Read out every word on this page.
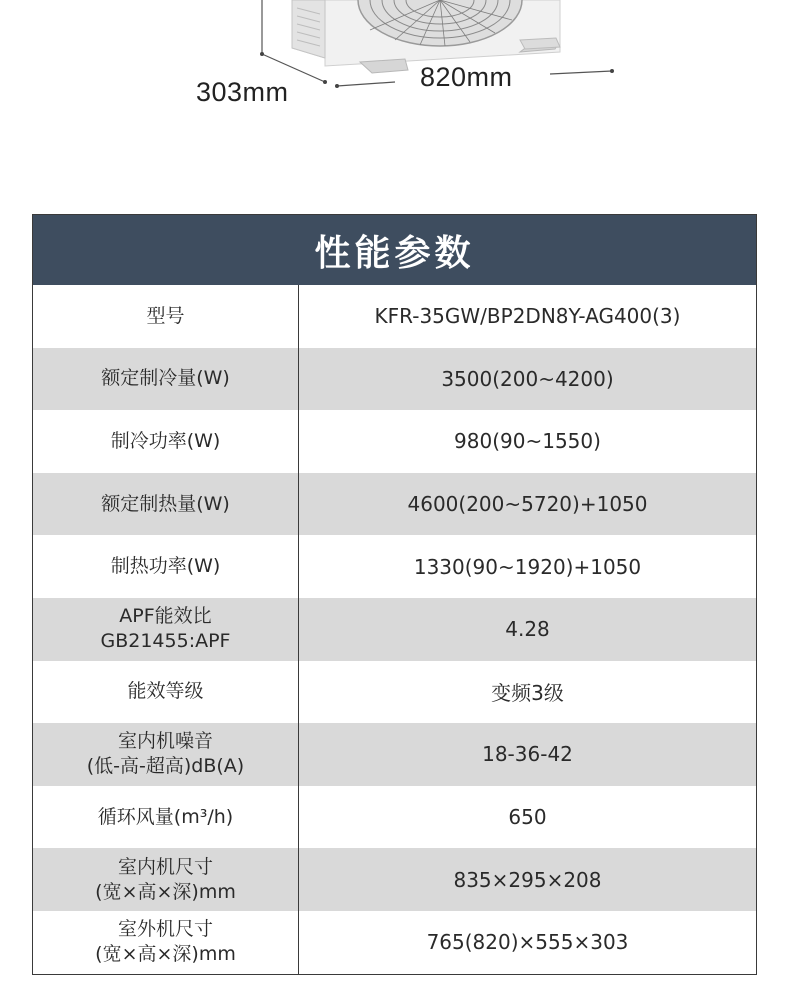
303mm	820mm
性能参数
型号	KFR-35GW/BP2DN8Y-AG400(3)
额定制冷量(W)	3500(200~4200)
制冷功率(W)	980(90~1550)
额定制热量(W)	4600(200~5720)+1050
制热功率(W)	1330(90~1920)+1050
APF能效比
GB21455:APF	4.28
能效等级	变频3级
室内机噪音
(低-高-超高)dB(A)	18-36-42
循环风量(m³/h)	650
室内机尺寸
(宽×高×深)mm	835×295×208
室外机尺寸
(宽×高×深)mm	765(820)×555×303
